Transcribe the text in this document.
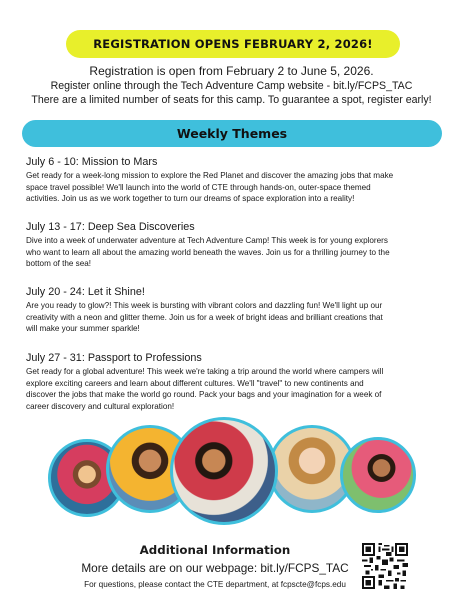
REGISTRATION OPENS FEBRUARY 2, 2026!
Registration is open from February 2 to June 5, 2026.
Register online through the Tech Adventure Camp website - bit.ly/FCPS_TAC
There are a limited number of seats for this camp. To guarantee a spot, register early!
Weekly Themes
July 6 - 10: Mission to Mars
Get ready for a week-long mission to explore the Red Planet and discover the amazing jobs that make
space travel possible! We'll launch into the world of CTE through hands-on, outer-space themed
activities. Join us as we work together to turn our dreams of space exploration into a reality!
July 13 - 17: Deep Sea Discoveries
Dive into a week of underwater adventure at Tech Adventure Camp! This week is for young explorers
who want to learn all about the amazing world beneath the waves. Join us for a thrilling journey to the
bottom of the sea!
July 20 - 24: Let it Shine!
Are you ready to glow?! This week is bursting with vibrant colors and dazzling fun! We'll light up our
creativity with a neon and glitter theme. Join us for a week of bright ideas and brilliant creations that
will make your summer sparkle!
July 27 - 31: Passport to Professions
Get ready for a global adventure! This week we're taking a trip around the world where campers will
explore exciting careers and learn about different cultures. We'll "travel" to new continents and
discover the jobs that make the world go round. Pack your bags and your imagination for a week of
career discovery and cultural exploration!
Additional Information
More details are on our webpage: bit.ly/FCPS_TAC
For questions, please contact the CTE department, at fcpscte@fcps.edu
